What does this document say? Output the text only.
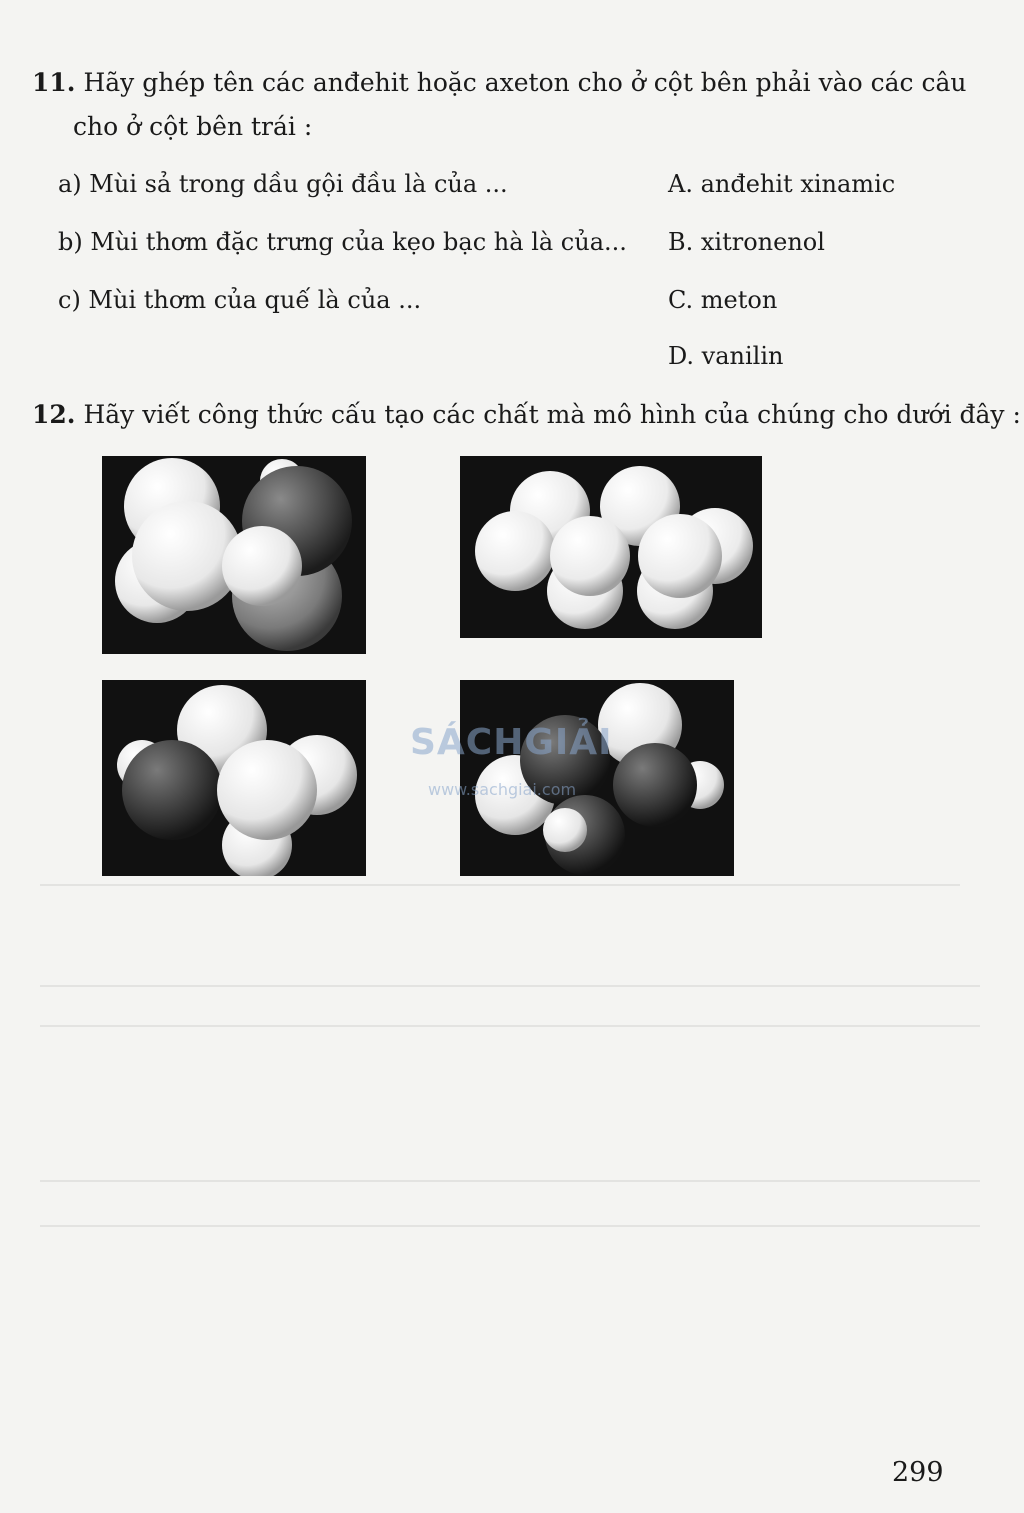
11. Hãy ghép tên các anđehit hoặc axeton cho ở cột bên phải vào các câu
cho ở cột bên trái :
a) Mùi sả trong dầu gội đầu là của ...
b) Mùi thơm đặc trưng của kẹo bạc hà là của...
c) Mùi thơm của quế là của ...
A. anđehit xinamic
B. xitronenol
C. meton
D. vanilin
12. Hãy viết công thức cấu tạo các chất mà mô hình của chúng cho dưới đây :
SÁCHGIẢI
www.sachgiai.com
299
